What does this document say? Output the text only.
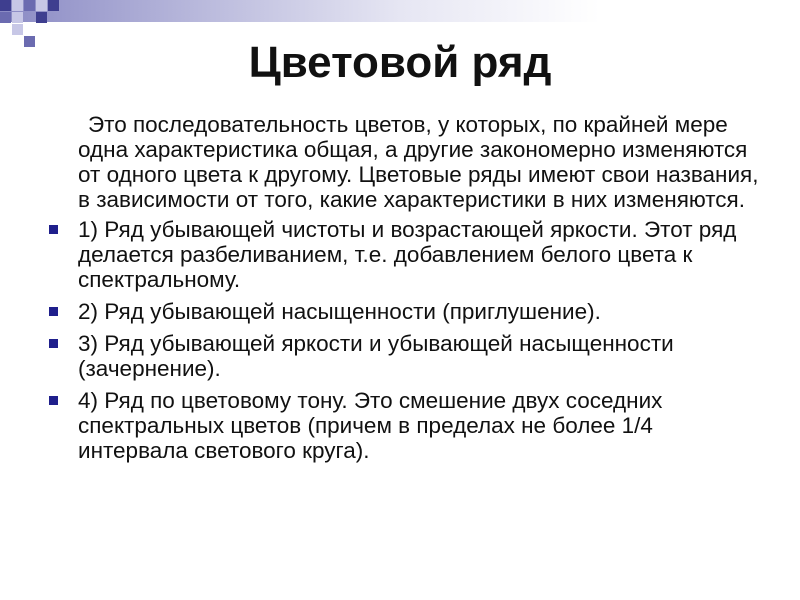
Цветовой ряд

Это последовательность цветов, у которых, по крайней мере одна характеристика общая, а другие закономерно изменяются от одного цвета к другому. Цветовые ряды имеют свои названия, в зависимости от того, какие характеристики в них изменяются.

1) Ряд убывающей чистоты и возрастающей яркости. Этот ряд делается разбеливанием, т.е. добавлением белого цвета к спектральному.
2) Ряд убывающей насыщенности (приглушение).
3) Ряд убывающей яркости и убывающей насыщенности (зачернение).
4) Ряд по цветовому тону. Это смешение двух соседних спектральных цветов (причем в пределах не более 1/4 интервала светового круга).
